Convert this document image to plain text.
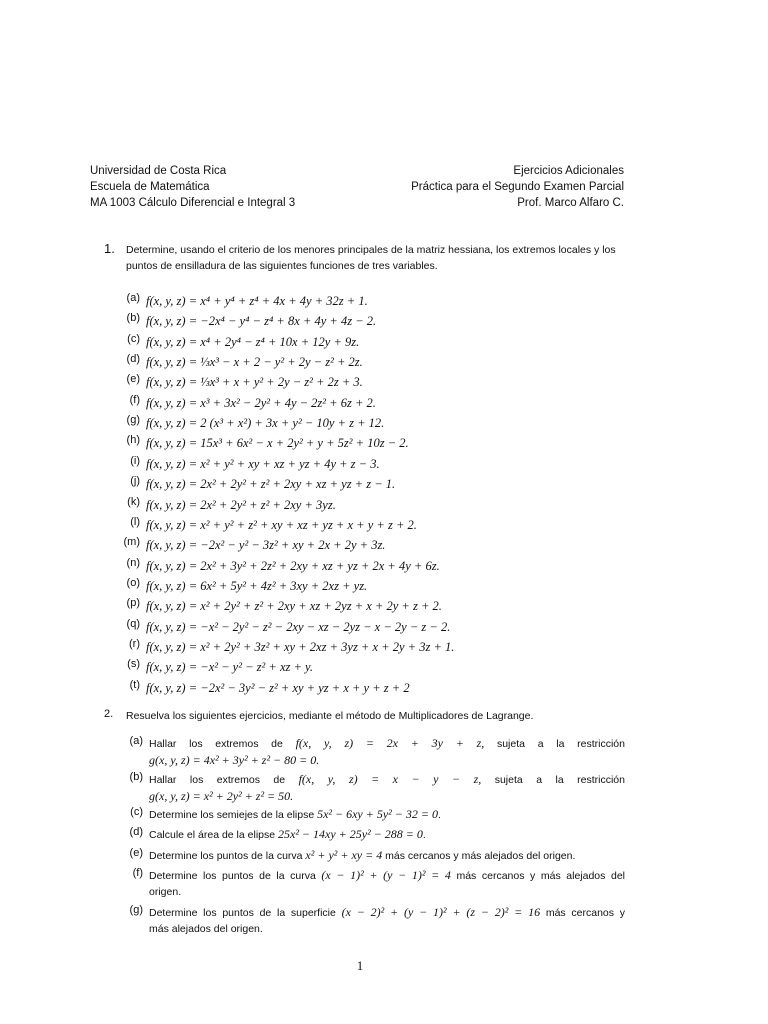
Universidad de Costa Rica
Escuela de Matemática
MA 1003 Cálculo Diferencial e Integral 3
Ejercicios Adicionales
Práctica para el Segundo Examen Parcial
Prof. Marco Alfaro C.
1.	Determine, usando el criterio de los menores principales de la matriz hessiana, los extremos locales y los puntos de ensilladura de las siguientes funciones de tres variables.
(a) f(x, y, z) = x⁴ + y⁴ + z⁴ + 4x + 4y + 32z + 1.
(b) f(x, y, z) = −2x⁴ − y⁴ − z⁴ + 8x + 4y + 4z − 2.
(c) f(x, y, z) = x⁴ + 2y⁴ − z⁴ + 10x + 12y + 9z.
(d) f(x, y, z) = ⅓x³ − x + 2 − y² + 2y − z² + 2z.
(e) f(x, y, z) = ⅓x³ + x + y² + 2y − z² + 2z + 3.
(f) f(x, y, z) = x³ + 3x² − 2y² + 4y − 2z² + 6z + 2.
(g) f(x, y, z) = 2 (x³ + x²) + 3x + y² − 10y + z + 12.
(h) f(x, y, z) = 15x³ + 6x² − x + 2y² + y + 5z² + 10z − 2.
(i) f(x, y, z) = x² + y² + xy + xz + yz + 4y + z − 3.
(j) f(x, y, z) = 2x² + 2y² + z² + 2xy + xz + yz + z − 1.
(k) f(x, y, z) = 2x² + 2y² + z² + 2xy + 3yz.
(l) f(x, y, z) = x² + y² + z² + xy + xz + yz + x + y + z + 2.
(m) f(x, y, z) = −2x² − y² − 3z² + xy + 2x + 2y + 3z.
(n) f(x, y, z) = 2x² + 3y² + 2z² + 2xy + xz + yz + 2x + 4y + 6z.
(o) f(x, y, z) = 6x² + 5y² + 4z² + 3xy + 2xz + yz.
(p) f(x, y, z) = x² + 2y² + z² + 2xy + xz + 2yz + x + 2y + z + 2.
(q) f(x, y, z) = −x² − 2y² − z² − 2xy − xz − 2yz − x − 2y − z − 2.
(r) f(x, y, z) = x² + 2y² + 3z² + xy + 2xz + 3yz + x + 2y + 3z + 1.
(s) f(x, y, z) = −x² − y² − z² + xz + y.
(t) f(x, y, z) = −2x² − 3y² − z² + xy + yz + x + y + z + 2
2.	Resuelva los siguientes ejercicios, mediante el método de Multiplicadores de Lagrange.
(a) Hallar los extremos de f(x, y, z) = 2x + 3y + z, sujeta a la restricción
g(x, y, z) = 4x² + 3y² + z² − 80 = 0.
(b) Hallar los extremos de f(x, y, z) = x − y − z, sujeta a la restricción
g(x, y, z) = x² + 2y² + z² = 50.
(c) Determine los semiejes de la elipse 5x² − 6xy + 5y² − 32 = 0.
(d) Calcule el área de la elipse 25x² − 14xy + 25y² − 288 = 0.
(e) Determine los puntos de la curva x² + y² + xy = 4 más cercanos y más alejados del origen.
(f) Determine los puntos de la curva (x − 1)² + (y − 1)² = 4 más cercanos y más alejados del
origen.
(g) Determine los puntos de la superficie (x − 2)² + (y − 1)² + (z − 2)² = 16 más cercanos y
más alejados del origen.
1
